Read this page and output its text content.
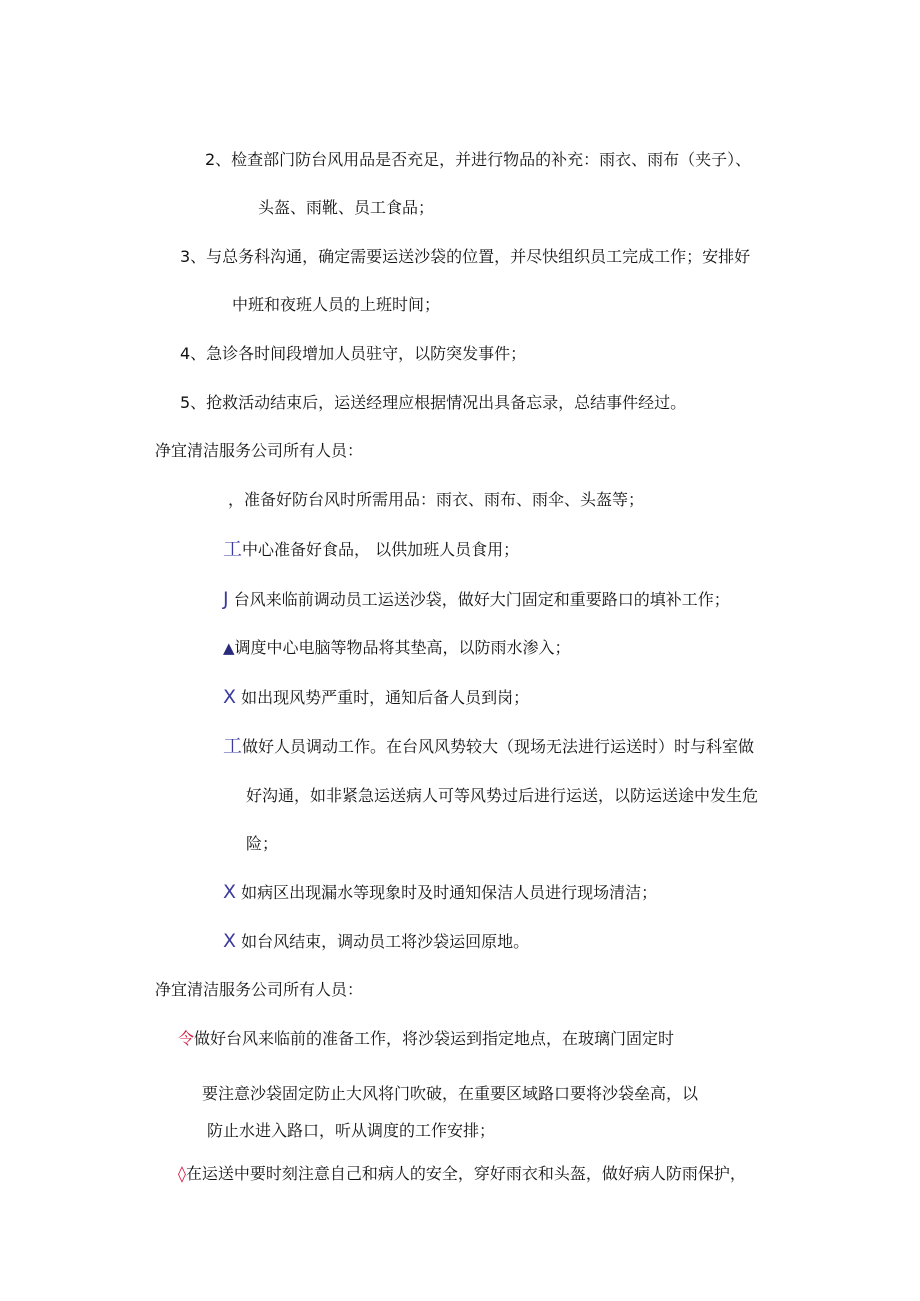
2、检查部门防台风用品是否充足，并进行物品的补充：雨衣、雨布（夹子）、
头盔、雨靴、员工食品；
3、与总务科沟通，确定需要运送沙袋的位置，并尽快组织员工完成工作；安排好
中班和夜班人员的上班时间；
4、急诊各时间段增加人员驻守，以防突发事件；
5、抢救活动结束后，运送经理应根据情况出具备忘录，总结事件经过。
净宜清洁服务公司所有人员：
，准备好防台风时所需用品：雨衣、雨布、雨伞、头盔等；
工中心准备好食品， 以供加班人员食用；
J 台风来临前调动员工运送沙袋，做好大门固定和重要路口的填补工作；
▲调度中心电脑等物品将其垫高，以防雨水渗入；
X 如出现风势严重时，通知后备人员到岗；
工做好人员调动工作。在台风风势较大（现场无法进行运送时）时与科室做
好沟通，如非紧急运送病人可等风势过后进行运送，以防运送途中发生危
险；
X 如病区出现漏水等现象时及时通知保洁人员进行现场清洁；
X 如台风结束，调动员工将沙袋运回原地。
净宜清洁服务公司所有人员：
令做好台风来临前的准备工作，将沙袋运到指定地点，在玻璃门固定时
要注意沙袋固定防止大风将门吹破，在重要区域路口要将沙袋垒高，以
防止水进入路口，听从调度的工作安排；
◊在运送中要时刻注意自己和病人的安全，穿好雨衣和头盔，做好病人防雨保护，
